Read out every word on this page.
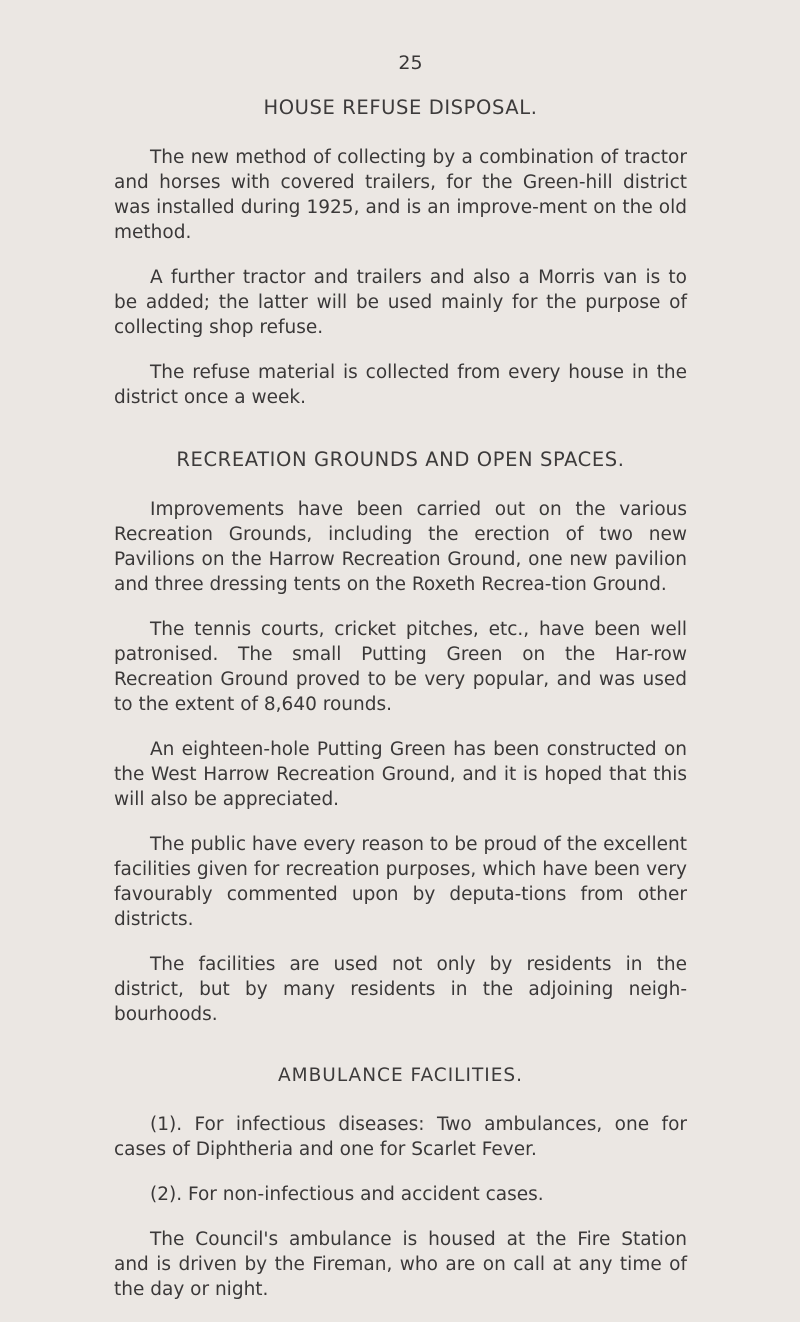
25
HOUSE REFUSE DISPOSAL.

The new method of collecting by a combination of tractor and horses with covered trailers, for the Green-hill district was installed during 1925, and is an improve-ment on the old method.

A further tractor and trailers and also a Morris van is to be added; the latter will be used mainly for the purpose of collecting shop refuse.

The refuse material is collected from every house in the district once a week.

RECREATION GROUNDS AND OPEN SPACES.

Improvements have been carried out on the various Recreation Grounds, including the erection of two new Pavilions on the Harrow Recreation Ground, one new pavilion and three dressing tents on the Roxeth Recrea-tion Ground.

The tennis courts, cricket pitches, etc., have been well patronised. The small Putting Green on the Har-row Recreation Ground proved to be very popular, and was used to the extent of 8,640 rounds.

An eighteen-hole Putting Green has been constructed on the West Harrow Recreation Ground, and it is hoped that this will also be appreciated.

The public have every reason to be proud of the excellent facilities given for recreation purposes, which have been very favourably commented upon by deputa-tions from other districts.

The facilities are used not only by residents in the district, but by many residents in the adjoining neigh-bourhoods.

AMBULANCE FACILITIES.

(1). For infectious diseases: Two ambulances, one for cases of Diphtheria and one for Scarlet Fever.

(2). For non-infectious and accident cases.

The Council's ambulance is housed at the Fire Station and is driven by the Fireman, who are on call at any time of the day or night.
